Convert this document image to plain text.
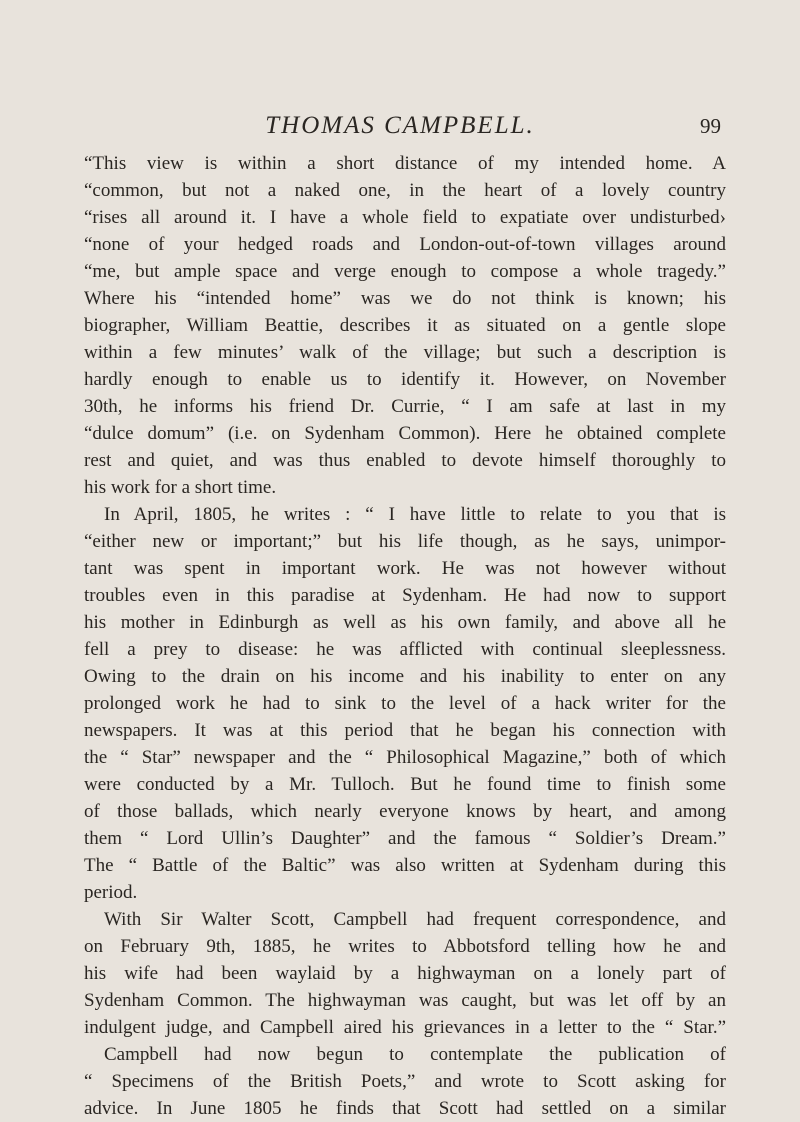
THOMAS CAMPBELL.	99
“This view is within a short distance of my intended home. A
“common, but not a naked one, in the heart of a lovely country
“rises all around it. I have a whole field to expatiate over undisturbed›
“none of your hedged roads and London-out-of-town villages around
“me, but ample space and verge enough to compose a whole tragedy.”
Where his “intended home” was we do not think is known; his
biographer, William Beattie, describes it as situated on a gentle slope
within a few minutes’ walk of the village; but such a description is
hardly enough to enable us to identify it. However, on November
30th, he informs his friend Dr. Currie, “ I am safe at last in my
“dulce domum” (i.e. on Sydenham Common). Here he obtained complete
rest and quiet, and was thus enabled to devote himself thoroughly to
his work for a short time.
In April, 1805, he writes : “ I have little to relate to you that is
“either new or important;” but his life though, as he says, unimpor-
tant was spent in important work. He was not however without
troubles even in this paradise at Sydenham. He had now to support
his mother in Edinburgh as well as his own family, and above all he
fell a prey to disease: he was afflicted with continual sleeplessness.
Owing to the drain on his income and his inability to enter on any
prolonged work he had to sink to the level of a hack writer for the
newspapers. It was at this period that he began his connection with
the “ Star” newspaper and the “ Philosophical Magazine,” both of which
were conducted by a Mr. Tulloch. But he found time to finish some
of those ballads, which nearly everyone knows by heart, and among
them “ Lord Ullin’s Daughter” and the famous “ Soldier’s Dream.”
The “ Battle of the Baltic” was also written at Sydenham during this
period.
With Sir Walter Scott, Campbell had frequent correspondence, and
on February 9th, 1885, he writes to Abbotsford telling how he and
his wife had been waylaid by a highwayman on a lonely part of
Sydenham Common. The highwayman was caught, but was let off by an
indulgent judge, and Campbell aired his grievances in a letter to the “ Star.”
Campbell had now begun to contemplate the publication of
“ Specimens of the British Poets,” and wrote to Scott asking for
advice. In June 1805 he finds that Scott had settled on a similar
